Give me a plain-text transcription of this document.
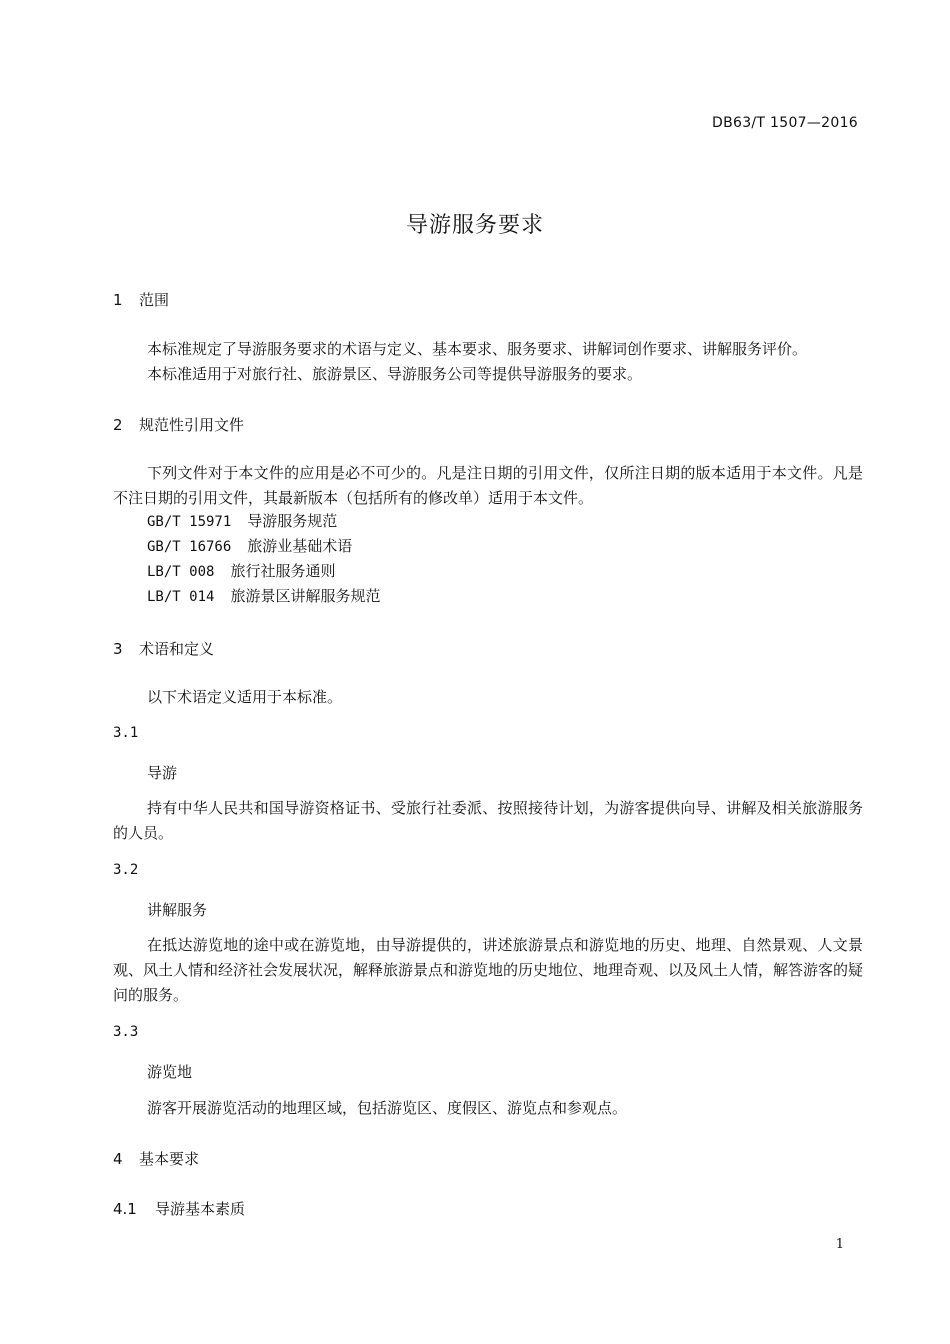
DB63/T 1507—2016
导游服务要求
1 范围
本标准规定了导游服务要求的术语与定义、基本要求、服务要求、讲解词创作要求、讲解服务评价。
本标准适用于对旅行社、旅游景区、导游服务公司等提供导游服务的要求。
2 规范性引用文件
下列文件对于本文件的应用是必不可少的。凡是注日期的引用文件，仅所注日期的版本适用于本文件。凡是不注日期的引用文件，其最新版本（包括所有的修改单）适用于本文件。
GB/T 15971 导游服务规范
GB/T 16766 旅游业基础术语
LB/T 008 旅行社服务通则
LB/T 014 旅游景区讲解服务规范
3 术语和定义
以下术语定义适用于本标准。
3.1
导游
持有中华人民共和国导游资格证书、受旅行社委派、按照接待计划，为游客提供向导、讲解及相关旅游服务的人员。
3.2
讲解服务
在抵达游览地的途中或在游览地，由导游提供的，讲述旅游景点和游览地的历史、地理、自然景观、人文景观、风土人情和经济社会发展状况，解释旅游景点和游览地的历史地位、地理奇观、以及风土人情，解答游客的疑问的服务。
3.3
游览地
游客开展游览活动的地理区域，包括游览区、度假区、游览点和参观点。
4 基本要求
4.1 导游基本素质
1
